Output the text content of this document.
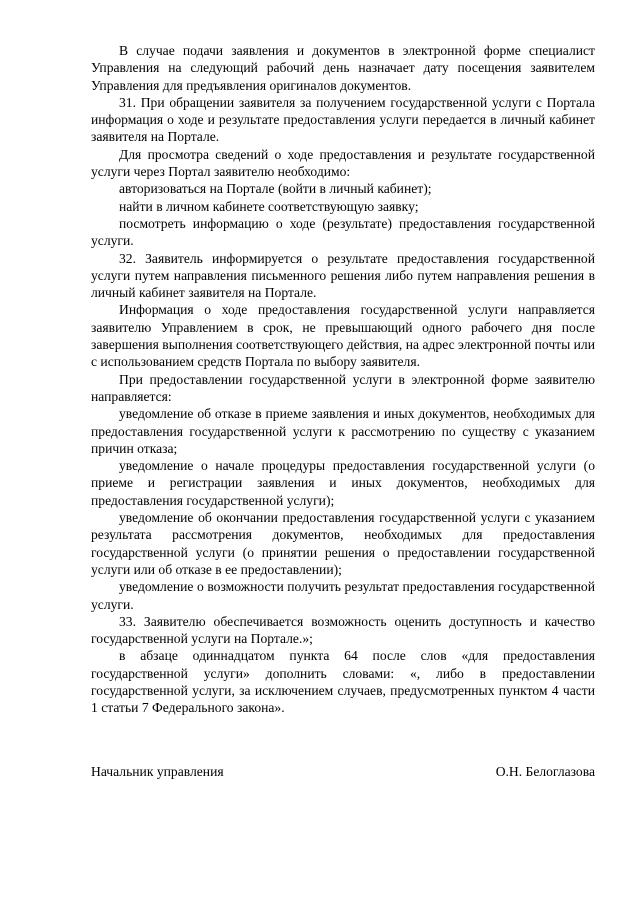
В случае подачи заявления и документов в электронной форме специалист Управления на следующий рабочий день назначает дату посещения заявителем Управления для предъявления оригиналов документов.

31. При обращении заявителя за получением государственной услуги с Портала информация о ходе и результате предоставления услуги передается в личный кабинет заявителя на Портале.

Для просмотра сведений о ходе предоставления и результате государственной услуги через Портал заявителю необходимо:

авторизоваться на Портале (войти в личный кабинет);

найти в личном кабинете соответствующую заявку;

посмотреть информацию о ходе (результате) предоставления государственной услуги.

32. Заявитель информируется о результате предоставления государственной услуги путем направления письменного решения либо путем направления решения в личный кабинет заявителя на Портале.

Информация о ходе предоставления государственной услуги направляется заявителю Управлением в срок, не превышающий одного рабочего дня после завершения выполнения соответствующего действия, на адрес электронной почты или с использованием средств Портала по выбору заявителя.

При предоставлении государственной услуги в электронной форме заявителю направляется:

уведомление об отказе в приеме заявления и иных документов, необходимых для предоставления государственной услуги к рассмотрению по существу с указанием причин отказа;

уведомление о начале процедуры предоставления государственной услуги (о приеме и регистрации заявления и иных документов, необходимых для предоставления государственной услуги);

уведомление об окончании предоставления государственной услуги с указанием результата рассмотрения документов, необходимых для предоставления государственной услуги (о принятии решения о предоставлении государственной услуги или об отказе в ее предоставлении);

уведомление о возможности получить результат предоставления государственной услуги.

33. Заявителю обеспечивается возможность оценить доступность и качество государственной услуги на Портале.»;

в абзаце одиннадцатом пункта 64 после слов «для предоставления государственной услуги» дополнить словами: «, либо в предоставлении государственной услуги, за исключением случаев, предусмотренных пунктом 4 части 1 статьи 7 Федерального закона».

Начальник управления	О.Н. Белоглазова
